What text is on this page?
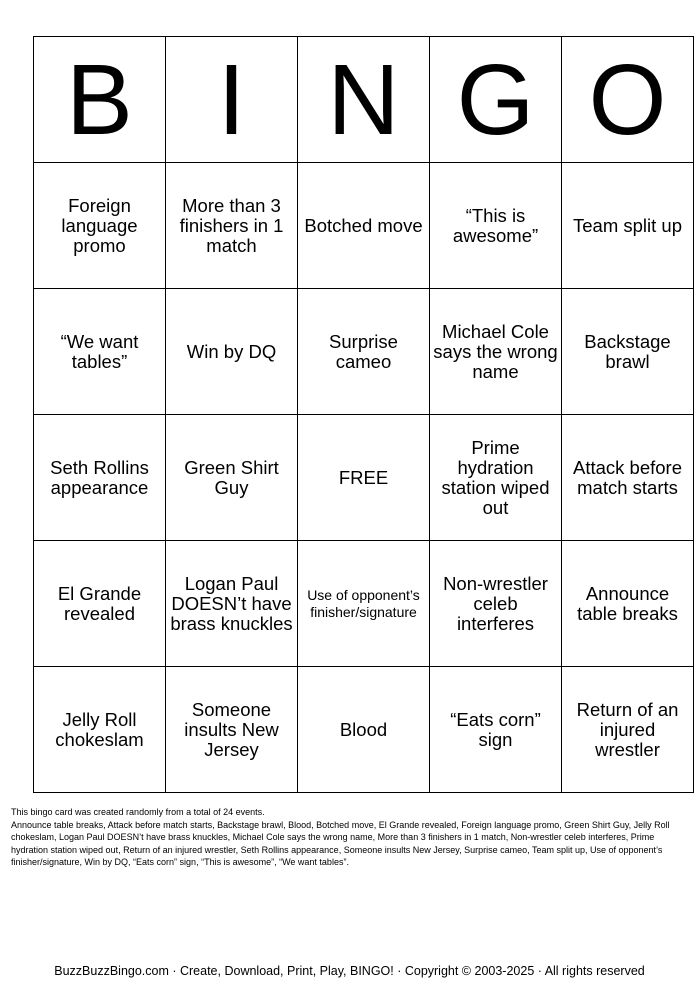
B	I	N	G	O
Foreign language promo	More than 3 finishers in 1 match	Botched move	“This is awesome”	Team split up
“We want tables”	Win by DQ	Surprise cameo	Michael Cole says the wrong name	Backstage brawl
Seth Rollins appearance	Green Shirt Guy	FREE	Prime hydration station wiped out	Attack before match starts
El Grande revealed	Logan Paul DOESN’t have brass knuckles	Use of opponent’s finisher/signature	Non-wrestler celeb interferes	Announce table breaks
Jelly Roll chokeslam	Someone insults New Jersey	Blood	“Eats corn” sign	Return of an injured wrestler
This bingo card was created randomly from a total of 24 events.
Announce table breaks, Attack before match starts, Backstage brawl, Blood, Botched move, El Grande revealed, Foreign language promo, Green Shirt Guy, Jelly Roll chokeslam, Logan Paul DOESN’t have brass knuckles, Michael Cole says the wrong name, More than 3 finishers in 1 match, Non-wrestler celeb interferes, Prime hydration station wiped out, Return of an injured wrestler, Seth Rollins appearance, Someone insults New Jersey, Surprise cameo, Team split up, Use of opponent’s finisher/signature, Win by DQ, “Eats corn” sign, “This is awesome”, “We want tables”.
BuzzBuzzBingo.com · Create, Download, Print, Play, BINGO! · Copyright © 2003-2025 · All rights reserved
